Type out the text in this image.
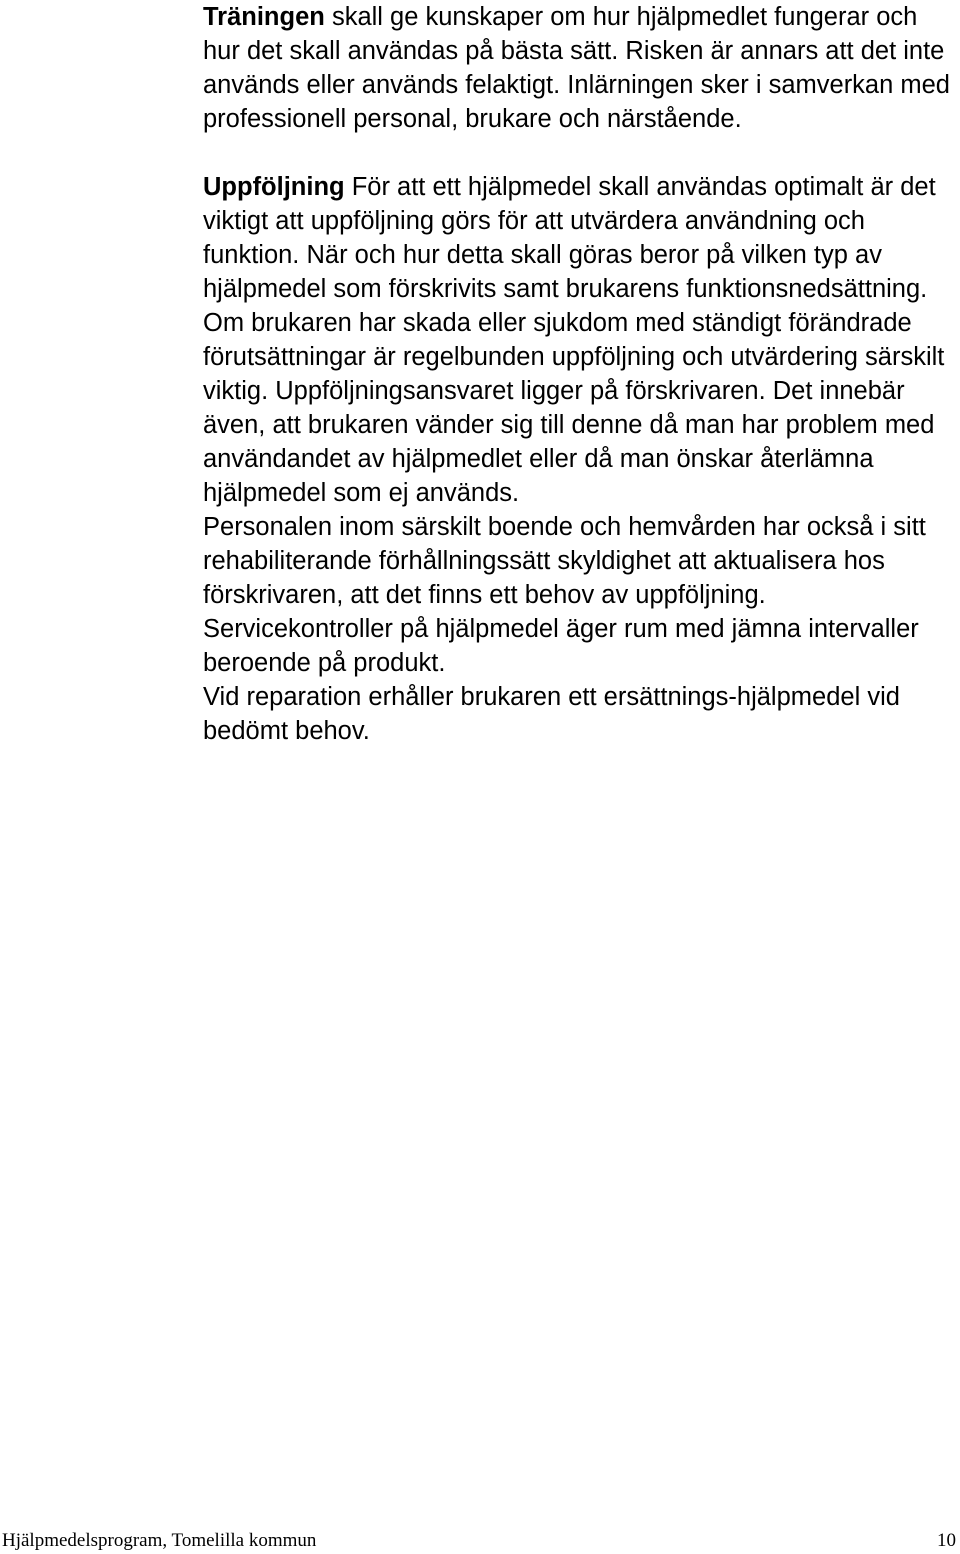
Träningen skall ge kunskaper om hur hjälpmedlet fungerar och hur det skall användas på bästa sätt. Risken är annars att det inte används eller används felaktigt. Inlärningen sker i samverkan med professionell personal, brukare och närstående.

Uppföljning För att ett hjälpmedel skall användas optimalt är det viktigt att uppföljning görs för att utvärdera användning och funktion. När och hur detta skall göras beror på vilken typ av hjälpmedel som förskrivits samt brukarens funktionsnedsättning. Om brukaren har skada eller sjukdom med ständigt förändrade förutsättningar är regelbunden uppföljning och utvärdering särskilt viktig. Uppföljningsansvaret ligger på förskrivaren. Det innebär även, att brukaren vänder sig till denne då man har problem med användandet av hjälpmedlet eller då man önskar återlämna hjälpmedel som ej används.

Personalen inom särskilt boende och hemvården har också i sitt rehabiliterande förhållningssätt skyldighet att aktualisera hos förskrivaren, att det finns ett behov av uppföljning.

Servicekontroller på hjälpmedel äger rum med jämna intervaller beroende på produkt.

Vid reparation erhåller brukaren ett ersättnings-hjälpmedel vid bedömt behov.

Hjälpmedelsprogram, Tomelilla kommun	10
